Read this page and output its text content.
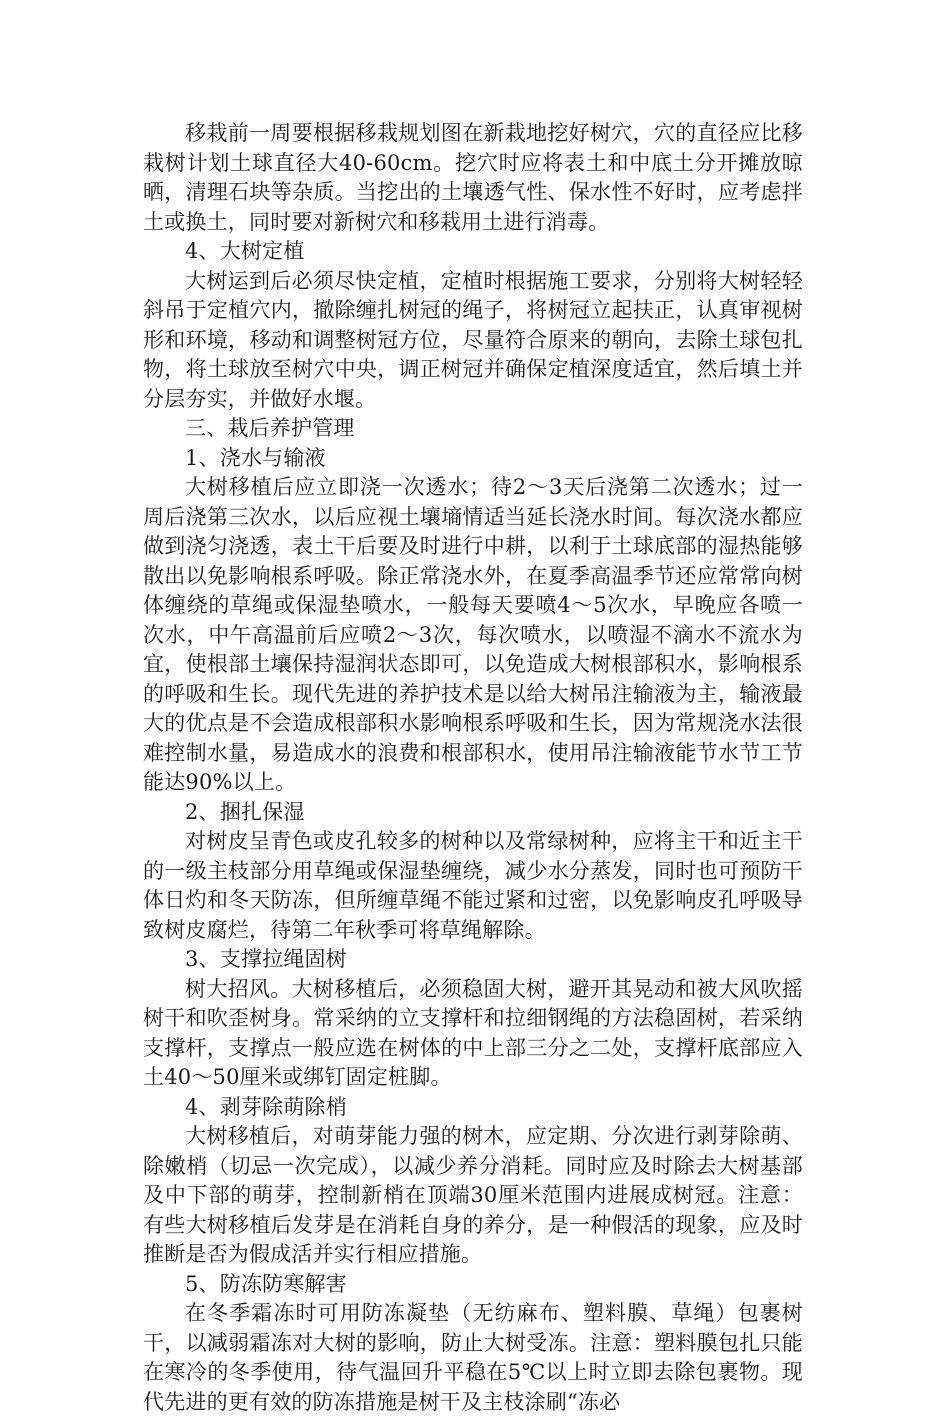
移栽前一周要根据移栽规划图在新栽地挖好树穴，穴的直径应比移栽树计划土球直径大40-60cm。挖穴时应将表土和中底土分开摊放晾晒，清理石块等杂质。当挖出的土壤透气性、保水性不好时，应考虑拌土或换土，同时要对新树穴和移栽用土进行消毒。

4、大树定植

大树运到后必须尽快定植，定植时根据施工要求，分别将大树轻轻斜吊于定植穴内，撤除缠扎树冠的绳子，将树冠立起扶正，认真审视树形和环境，移动和调整树冠方位，尽量符合原来的朝向，去除土球包扎物，将土球放至树穴中央，调正树冠并确保定植深度适宜，然后填土并分层夯实，并做好水堰。

三、栽后养护管理

1、浇水与输液

大树移植后应立即浇一次透水；待2～3天后浇第二次透水；过一周后浇第三次水，以后应视土壤墒情适当延长浇水时间。每次浇水都应做到浇匀浇透，表土干后要及时进行中耕，以利于土球底部的湿热能够散出以免影响根系呼吸。除正常浇水外，在夏季高温季节还应常常向树体缠绕的草绳或保湿垫喷水，一般每天要喷4～5次水，早晚应各喷一次水，中午高温前后应喷2～3次，每次喷水，以喷湿不滴水不流水为宜，使根部土壤保持湿润状态即可，以免造成大树根部积水，影响根系的呼吸和生长。现代先进的养护技术是以给大树吊注输液为主，输液最大的优点是不会造成根部积水影响根系呼吸和生长，因为常规浇水法很难控制水量，易造成水的浪费和根部积水，使用吊注输液能节水节工节能达90%以上。

2、捆扎保湿

对树皮呈青色或皮孔较多的树种以及常绿树种，应将主干和近主干的一级主枝部分用草绳或保湿垫缠绕，减少水分蒸发，同时也可预防干体日灼和冬天防冻，但所缠草绳不能过紧和过密，以免影响皮孔呼吸导致树皮腐烂，待第二年秋季可将草绳解除。

3、支撑拉绳固树

树大招风。大树移植后，必须稳固大树，避开其晃动和被大风吹摇树干和吹歪树身。常采纳的立支撑杆和拉细钢绳的方法稳固树，若采纳支撑杆，支撑点一般应选在树体的中上部三分之二处，支撑杆底部应入土40～50厘米或绑钉固定桩脚。

4、剥芽除萌除梢

大树移植后，对萌芽能力强的树木，应定期、分次进行剥芽除萌、除嫩梢（切忌一次完成），以减少养分消耗。同时应及时除去大树基部及中下部的萌芽，控制新梢在顶端30厘米范围内进展成树冠。注意：有些大树移植后发芽是在消耗自身的养分，是一种假活的现象，应及时推断是否为假成活并实行相应措施。

5、防冻防寒解害

在冬季霜冻时可用防冻凝垫（无纺麻布、塑料膜、草绳）包裹树干，以减弱霜冻对大树的影响，防止大树受冻。注意：塑料膜包扎只能在寒冷的冬季使用，待气温回升平稳在5℃以上时立即去除包裹物。现代先进的更有效的防冻措施是树干及主枝涂刷“冻必
